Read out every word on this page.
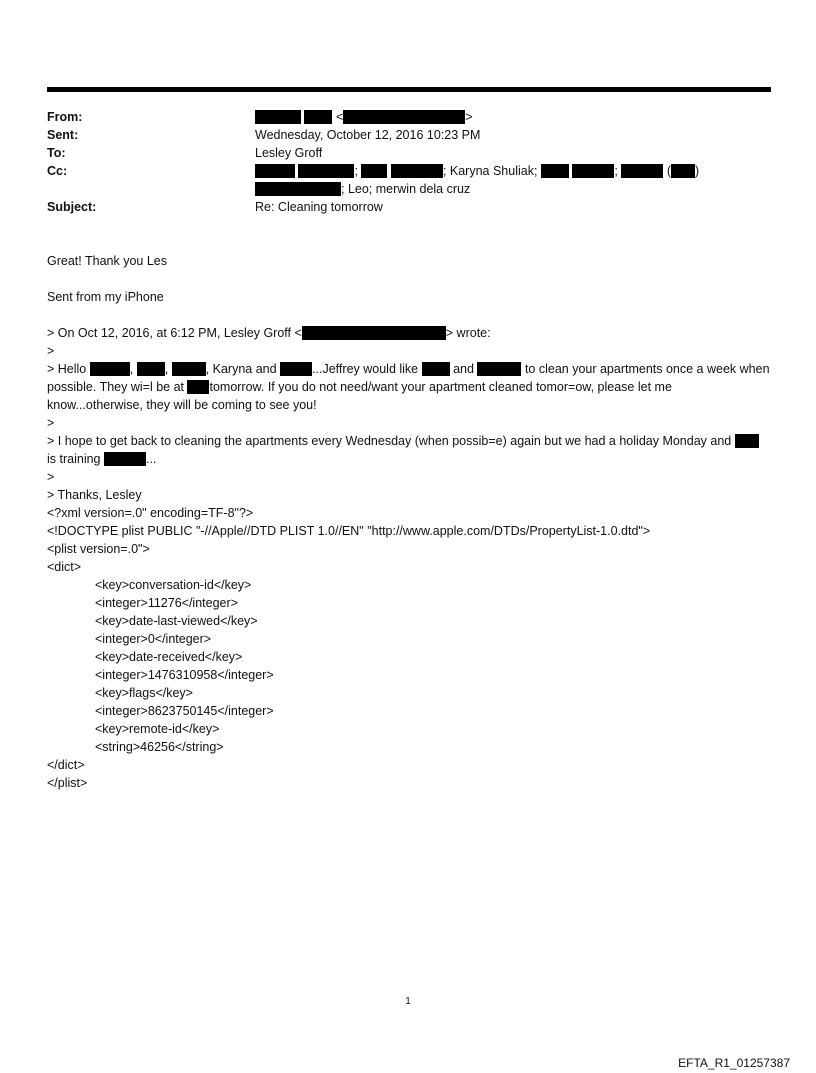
From:	<	>
Sent:	Wednesday, October 12, 2016 10:23 PM
To:	Lesley Groff
Cc:	;	; Karyna Shuliak;	;	( )
; Leo; merwin dela cruz
Subject:	Re: Cleaning tomorrow
Great! Thank you Les
Sent from my iPhone
> On Oct 12, 2016, at 6:12 PM, Lesley Groff <	> wrote:
>
> Hello	,	,	, Karyna and	...Jeffrey would like	and	to clean your apartments once a week when possible. They wi=l be at tomorrow. If you do not need/want your apartment cleaned tomor=ow, please let me know...otherwise, they will be coming to see you!
>
> I hope to get back to cleaning the apartments every Wednesday (when possib=e) again but we had a holiday Monday and  is training	...
>
> Thanks, Lesley
<?xml version=.0" encoding=TF-8"?>
<!DOCTYPE plist PUBLIC "-//Apple//DTD PLIST 1.0//EN" "http://www.apple.com/DTDs/PropertyList-1.0.dtd">
<plist version=.0">
<dict>
<key>conversation-id</key>
<integer>11276</integer>
<key>date-last-viewed</key>
<integer>0</integer>
<key>date-received</key>
<integer>1476310958</integer>
<key>flags</key>
<integer>8623750145</integer>
<key>remote-id</key>
<string>46256</string>
</dict>
</plist>
1
EFTA_R1_01257387
